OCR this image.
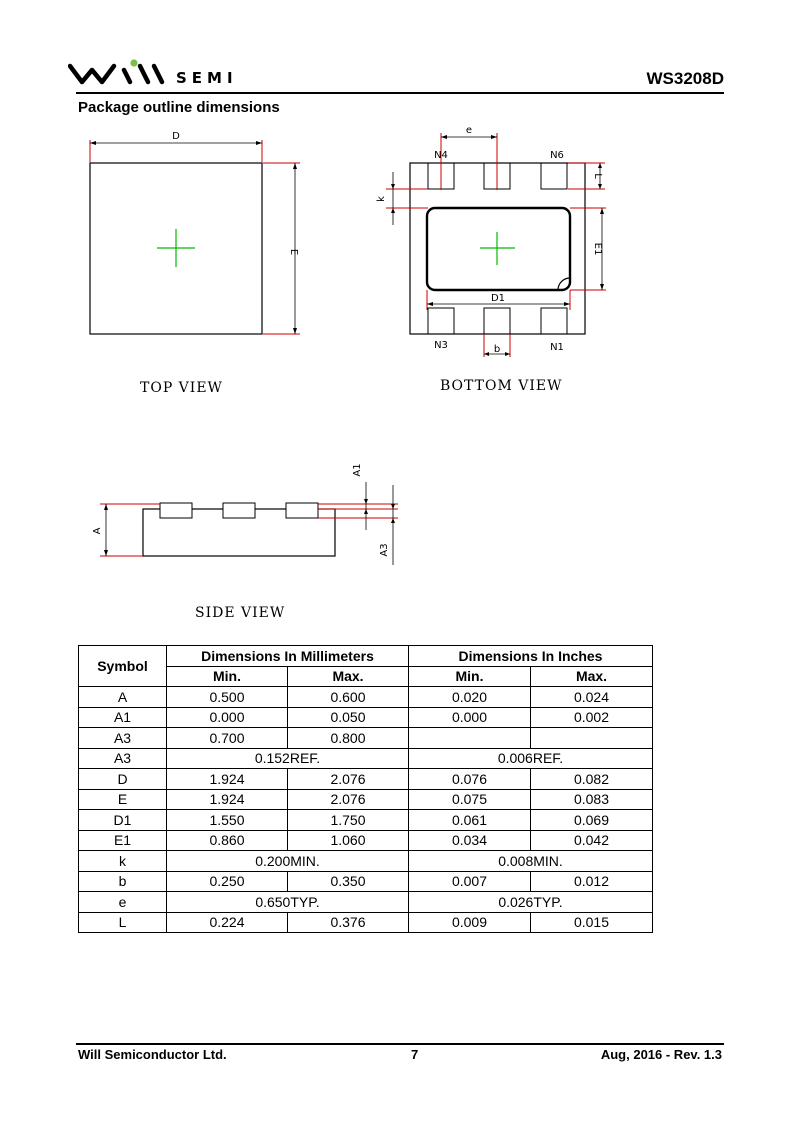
SEMI	WS3208D
Package outline dimensions
D
E
e
N4	N6
L
k
E1
D1
N3	N1
b
A1
A
A3
TOP VIEW	BOTTOM VIEW
SIDE VIEW
Symbol	Dimensions In Millimeters		Dimensions In Inches	
	Min.	Max.	Min.	Max.
A	0.500	0.600	0.020	0.024
A1	0.000	0.050	0.000	0.002
A3	0.700	0.800		
A3	0.152REF.		0.006REF.	
D	1.924	2.076	0.076	0.082
E	1.924	2.076	0.075	0.083
D1	1.550	1.750	0.061	0.069
E1	0.860	1.060	0.034	0.042
k	0.200MIN.		0.008MIN.	
b	0.250	0.350	0.007	0.012
e	0.650TYP.		0.026TYP.	
L	0.224	0.376	0.009	0.015
Will Semiconductor Ltd.	7	Aug, 2016 - Rev. 1.3
